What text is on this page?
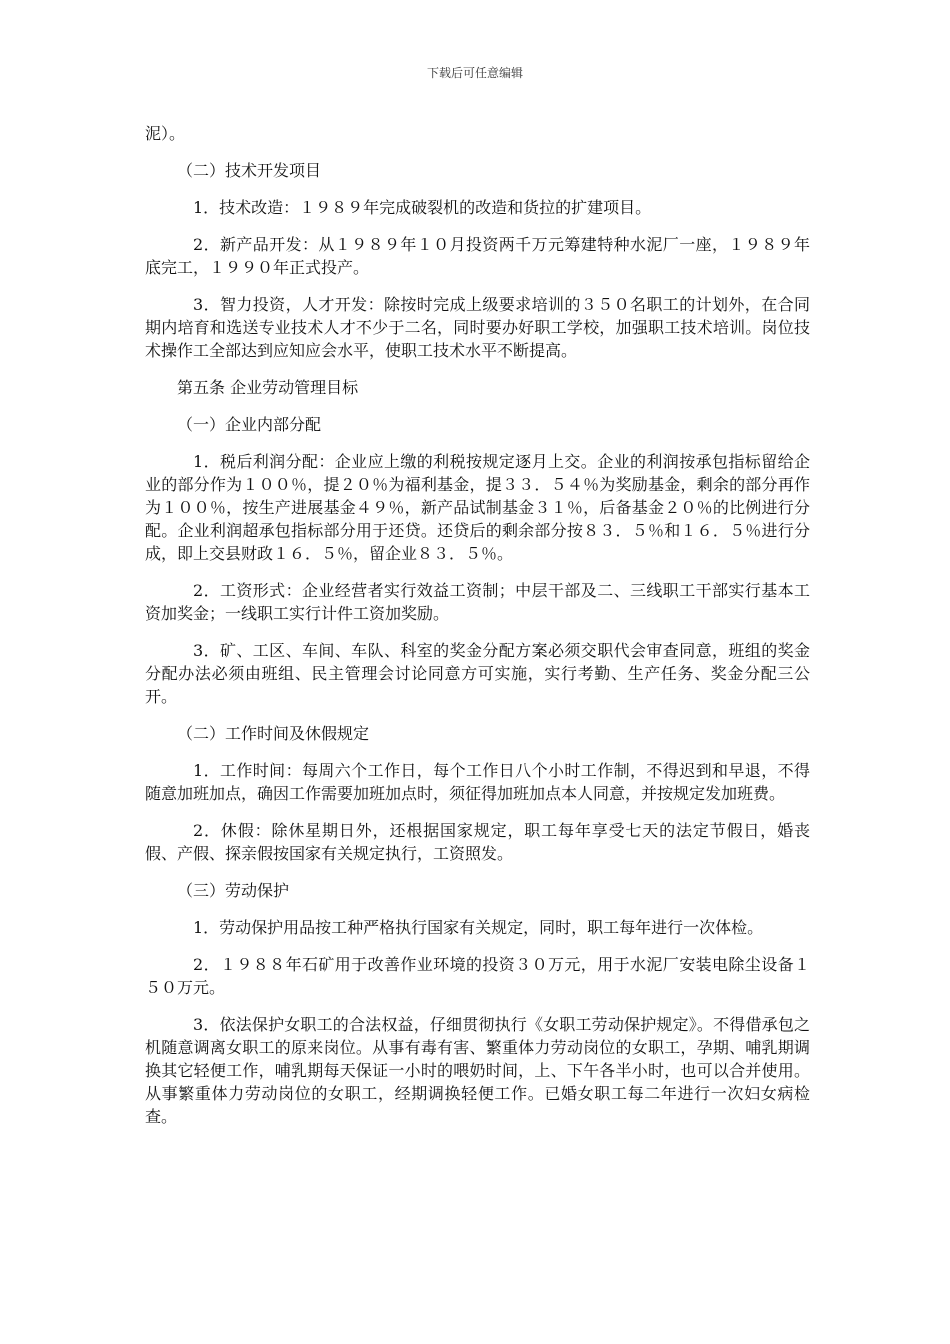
下载后可任意编辑

泥）。

（二）技术开发项目

1．技术改造：１９８９年完成破裂机的改造和货拉的扩建项目。

2．新产品开发：从１９８９年１０月投资两千万元筹建特种水泥厂一座，１９８９年底完工，１９９０年正式投产。

3．智力投资，人才开发：除按时完成上级要求培训的３５０名职工的计划外，在合同期内培育和选送专业技术人才不少于二名，同时要办好职工学校，加强职工技术培训。岗位技术操作工全部达到应知应会水平，使职工技术水平不断提高。

第五条 企业劳动管理目标

（一）企业内部分配

1．税后利润分配：企业应上缴的利税按规定逐月上交。企业的利润按承包指标留给企业的部分作为１００％，提２０％为福利基金，提３３．５４％为奖励基金，剩余的部分再作为１００％，按生产进展基金４９％，新产品试制基金３１％，后备基金２０％的比例进行分配。企业利润超承包指标部分用于还贷。还贷后的剩余部分按８３．５％和１６．５％进行分成，即上交县财政１６．５％，留企业８３．５％。

2．工资形式：企业经营者实行效益工资制；中层干部及二、三线职工干部实行基本工资加奖金；一线职工实行计件工资加奖励。

3．矿、工区、车间、车队、科室的奖金分配方案必须交职代会审查同意，班组的奖金分配办法必须由班组、民主管理会讨论同意方可实施，实行考勤、生产任务、奖金分配三公开。

（二）工作时间及休假规定

1．工作时间：每周六个工作日，每个工作日八个小时工作制，不得迟到和早退，不得随意加班加点，确因工作需要加班加点时，须征得加班加点本人同意，并按规定发加班费。

2．休假：除休星期日外，还根据国家规定，职工每年享受七天的法定节假日，婚丧假、产假、探亲假按国家有关规定执行，工资照发。

（三）劳动保护

1．劳动保护用品按工种严格执行国家有关规定，同时，职工每年进行一次体检。

2．１９８８年石矿用于改善作业环境的投资３０万元，用于水泥厂安装电除尘设备１５０万元。

3．依法保护女职工的合法权益，仔细贯彻执行《女职工劳动保护规定》。不得借承包之机随意调离女职工的原来岗位。从事有毒有害、繁重体力劳动岗位的女职工，孕期、哺乳期调换其它轻便工作，哺乳期每天保证一小时的喂奶时间，上、下午各半小时，也可以合并使用。从事繁重体力劳动岗位的女职工，经期调换轻便工作。已婚女职工每二年进行一次妇女病检查。
